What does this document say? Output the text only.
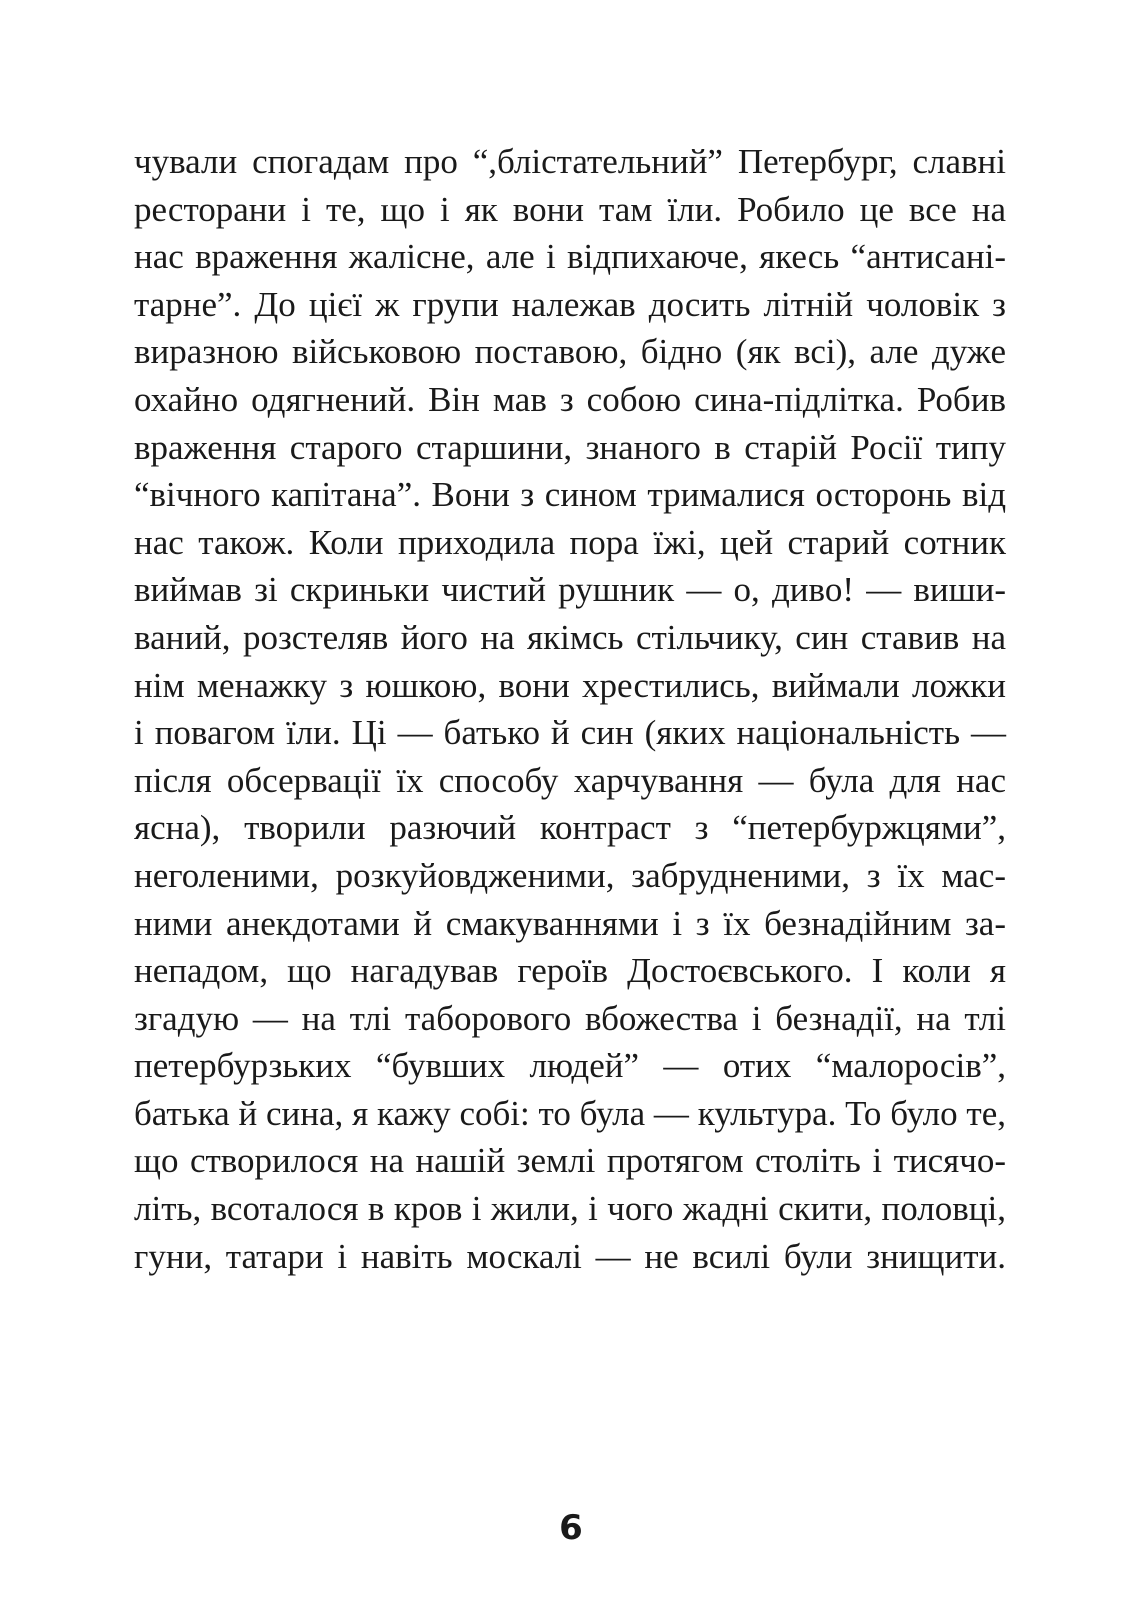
чували спогадам про “,блістательний” Петербург, славні
ресторани і те, що і як вони там їли. Робило це все на
нас враження жалісне, але і відпихаюче, якесь “антисані-
тарне”. До цієї ж групи належав досить літній чоловік з
виразною військовою поставою, бідно (як всі), але дуже
охайно одягнений. Він мав з собою сина-підлітка. Робив
враження старого старшини, знаного в старій Росії типу
“вічного капітана”. Вони з сином трималися осторонь від
нас також. Коли приходила пора їжі, цей старий сотник
виймав зі скриньки чистий рушник — о, диво! — виши-
ваний, розстеляв його на якімсь стільчику, син ставив на
нім менажку з юшкою, вони хрестились, виймали ложки
і повагом їли. Ці — батько й син (яких національність —
після обсервації їх способу харчування — була для нас
ясна), творили разючий контраст з “петербуржцями”,
неголеними, розкуйовдженими, забрудненими, з їх мас-
ними анекдотами й смакуваннями і з їх безнадійним за-
непадом, що нагадував героїв Достоєвського. І коли я
згадую — на тлі таборового вбожества і безнадії, на тлі
петербурзьких “бувших людей” — отих “малоросів”,
батька й сина, я кажу собі: то була — культура. То було те,
що створилося на нашій землі протягом століть і тисячо-
літь, всоталося в кров і жили, і чого жадні скити, половці,
гуни, татари і навіть москалі — не всилі були знищити.
6
